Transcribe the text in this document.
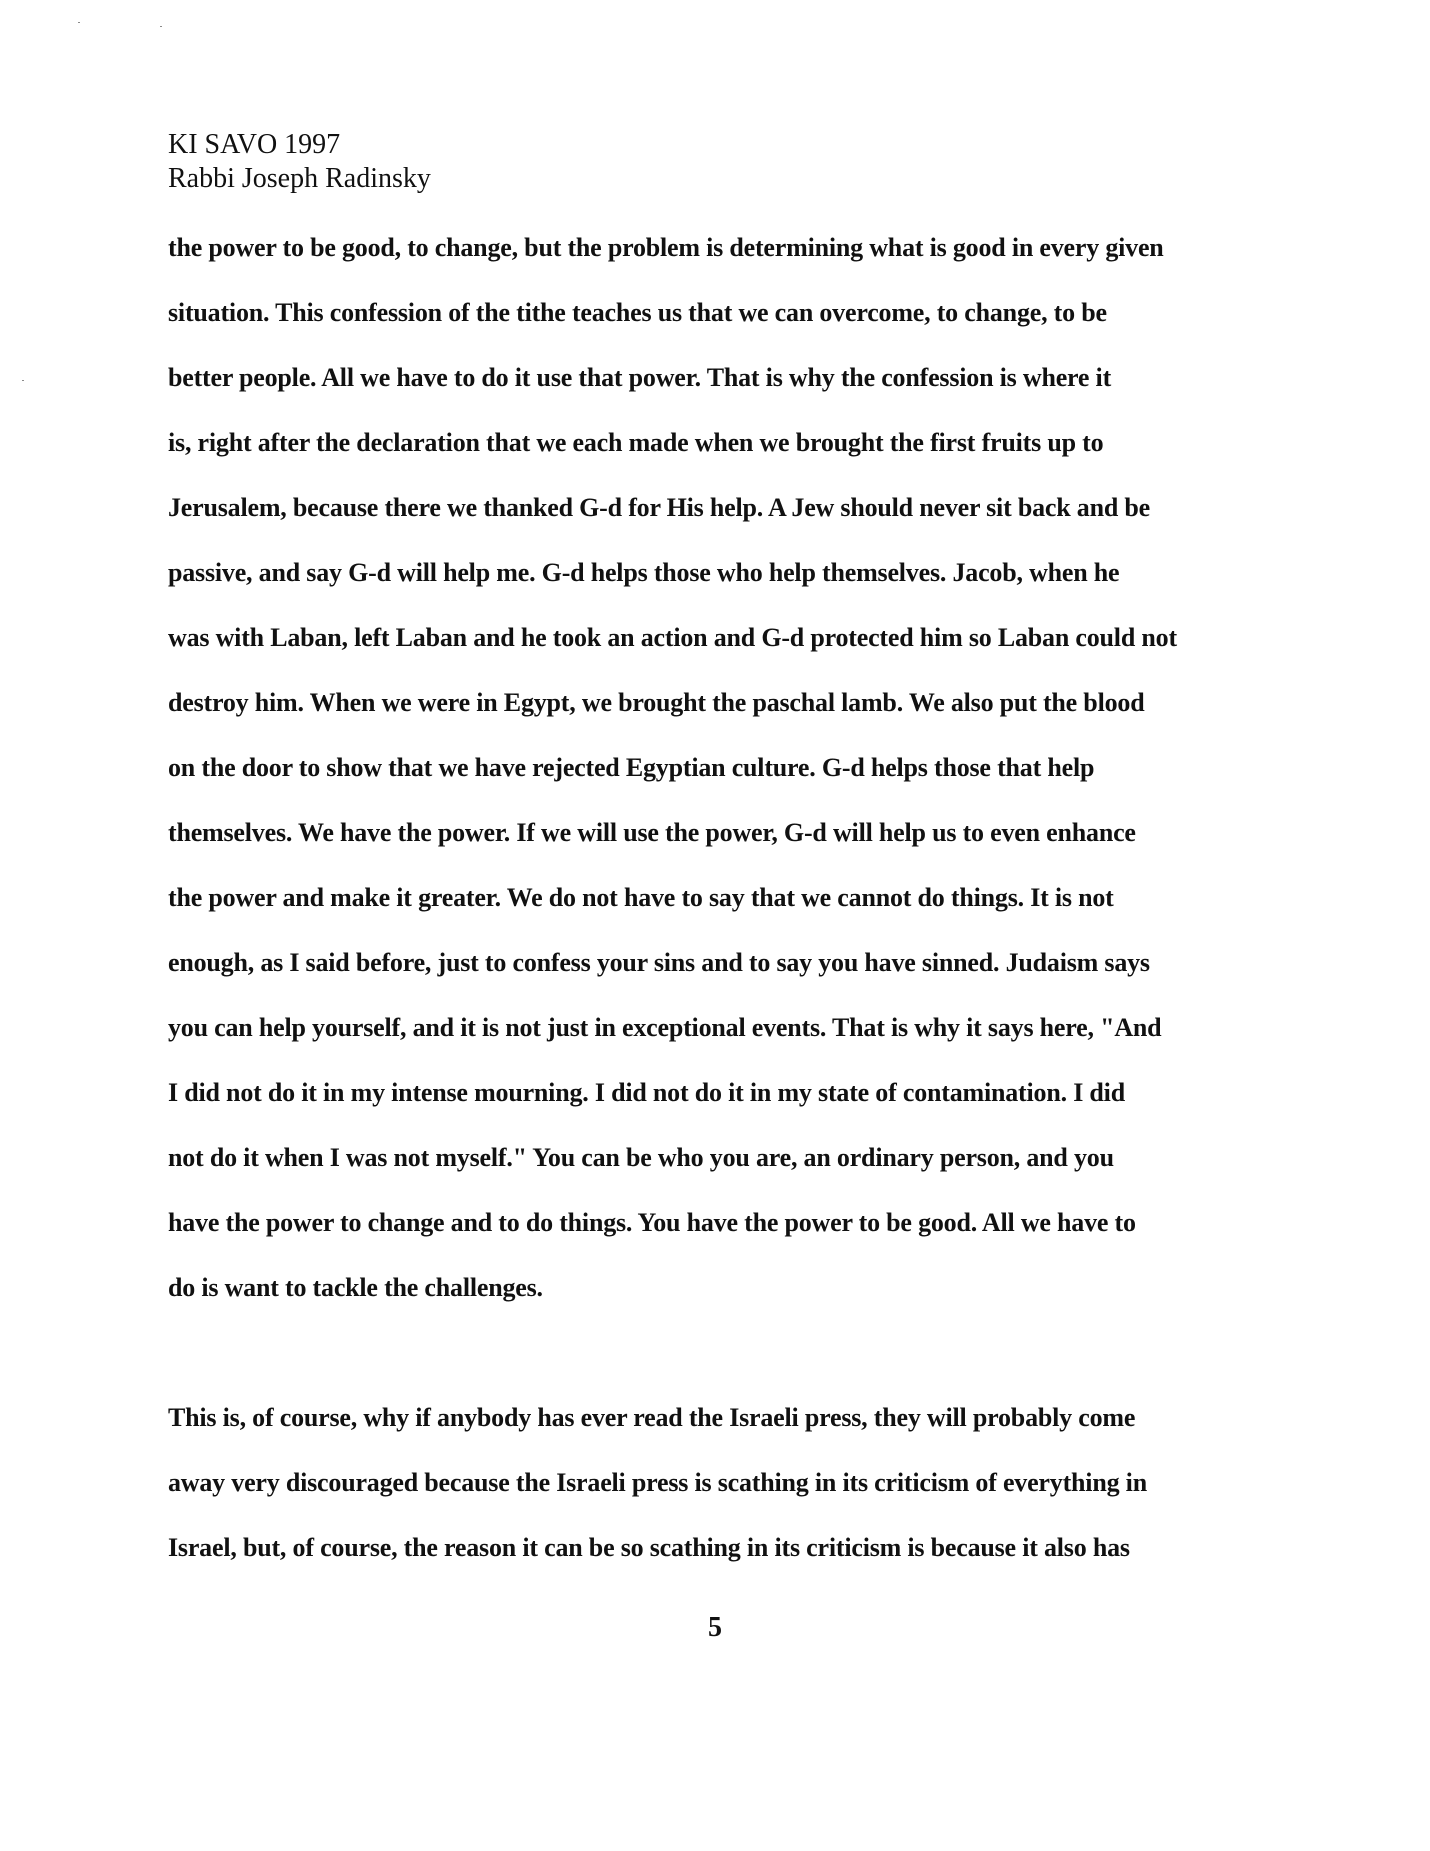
KI SAVO 1997
Rabbi Joseph Radinsky
the power to be good, to change, but the problem is determining what is good in every given
situation. This confession of the tithe teaches us that we can overcome, to change, to be
better people. All we have to do it use that power. That is why the confession is where it
is, right after the declaration that we each made when we brought the first fruits up to
Jerusalem, because there we thanked G-d for His help. A Jew should never sit back and be
passive, and say G-d will help me. G-d helps those who help themselves. Jacob, when he
was with Laban, left Laban and he took an action and G-d protected him so Laban could not
destroy him. When we were in Egypt, we brought the paschal lamb. We also put the blood
on the door to show that we have rejected Egyptian culture. G-d helps those that help
themselves. We have the power. If we will use the power, G-d will help us to even enhance
the power and make it greater. We do not have to say that we cannot do things. It is not
enough, as I said before, just to confess your sins and to say you have sinned. Judaism says
you can help yourself, and it is not just in exceptional events. That is why it says here, "And
I did not do it in my intense mourning. I did not do it in my state of contamination. I did
not do it when I was not myself." You can be who you are, an ordinary person, and you
have the power to change and to do things. You have the power to be good. All we have to
do is want to tackle the challenges.
This is, of course, why if anybody has ever read the Israeli press, they will probably come
away very discouraged because the Israeli press is scathing in its criticism of everything in
Israel, but, of course, the reason it can be so scathing in its criticism is because it also has
5
